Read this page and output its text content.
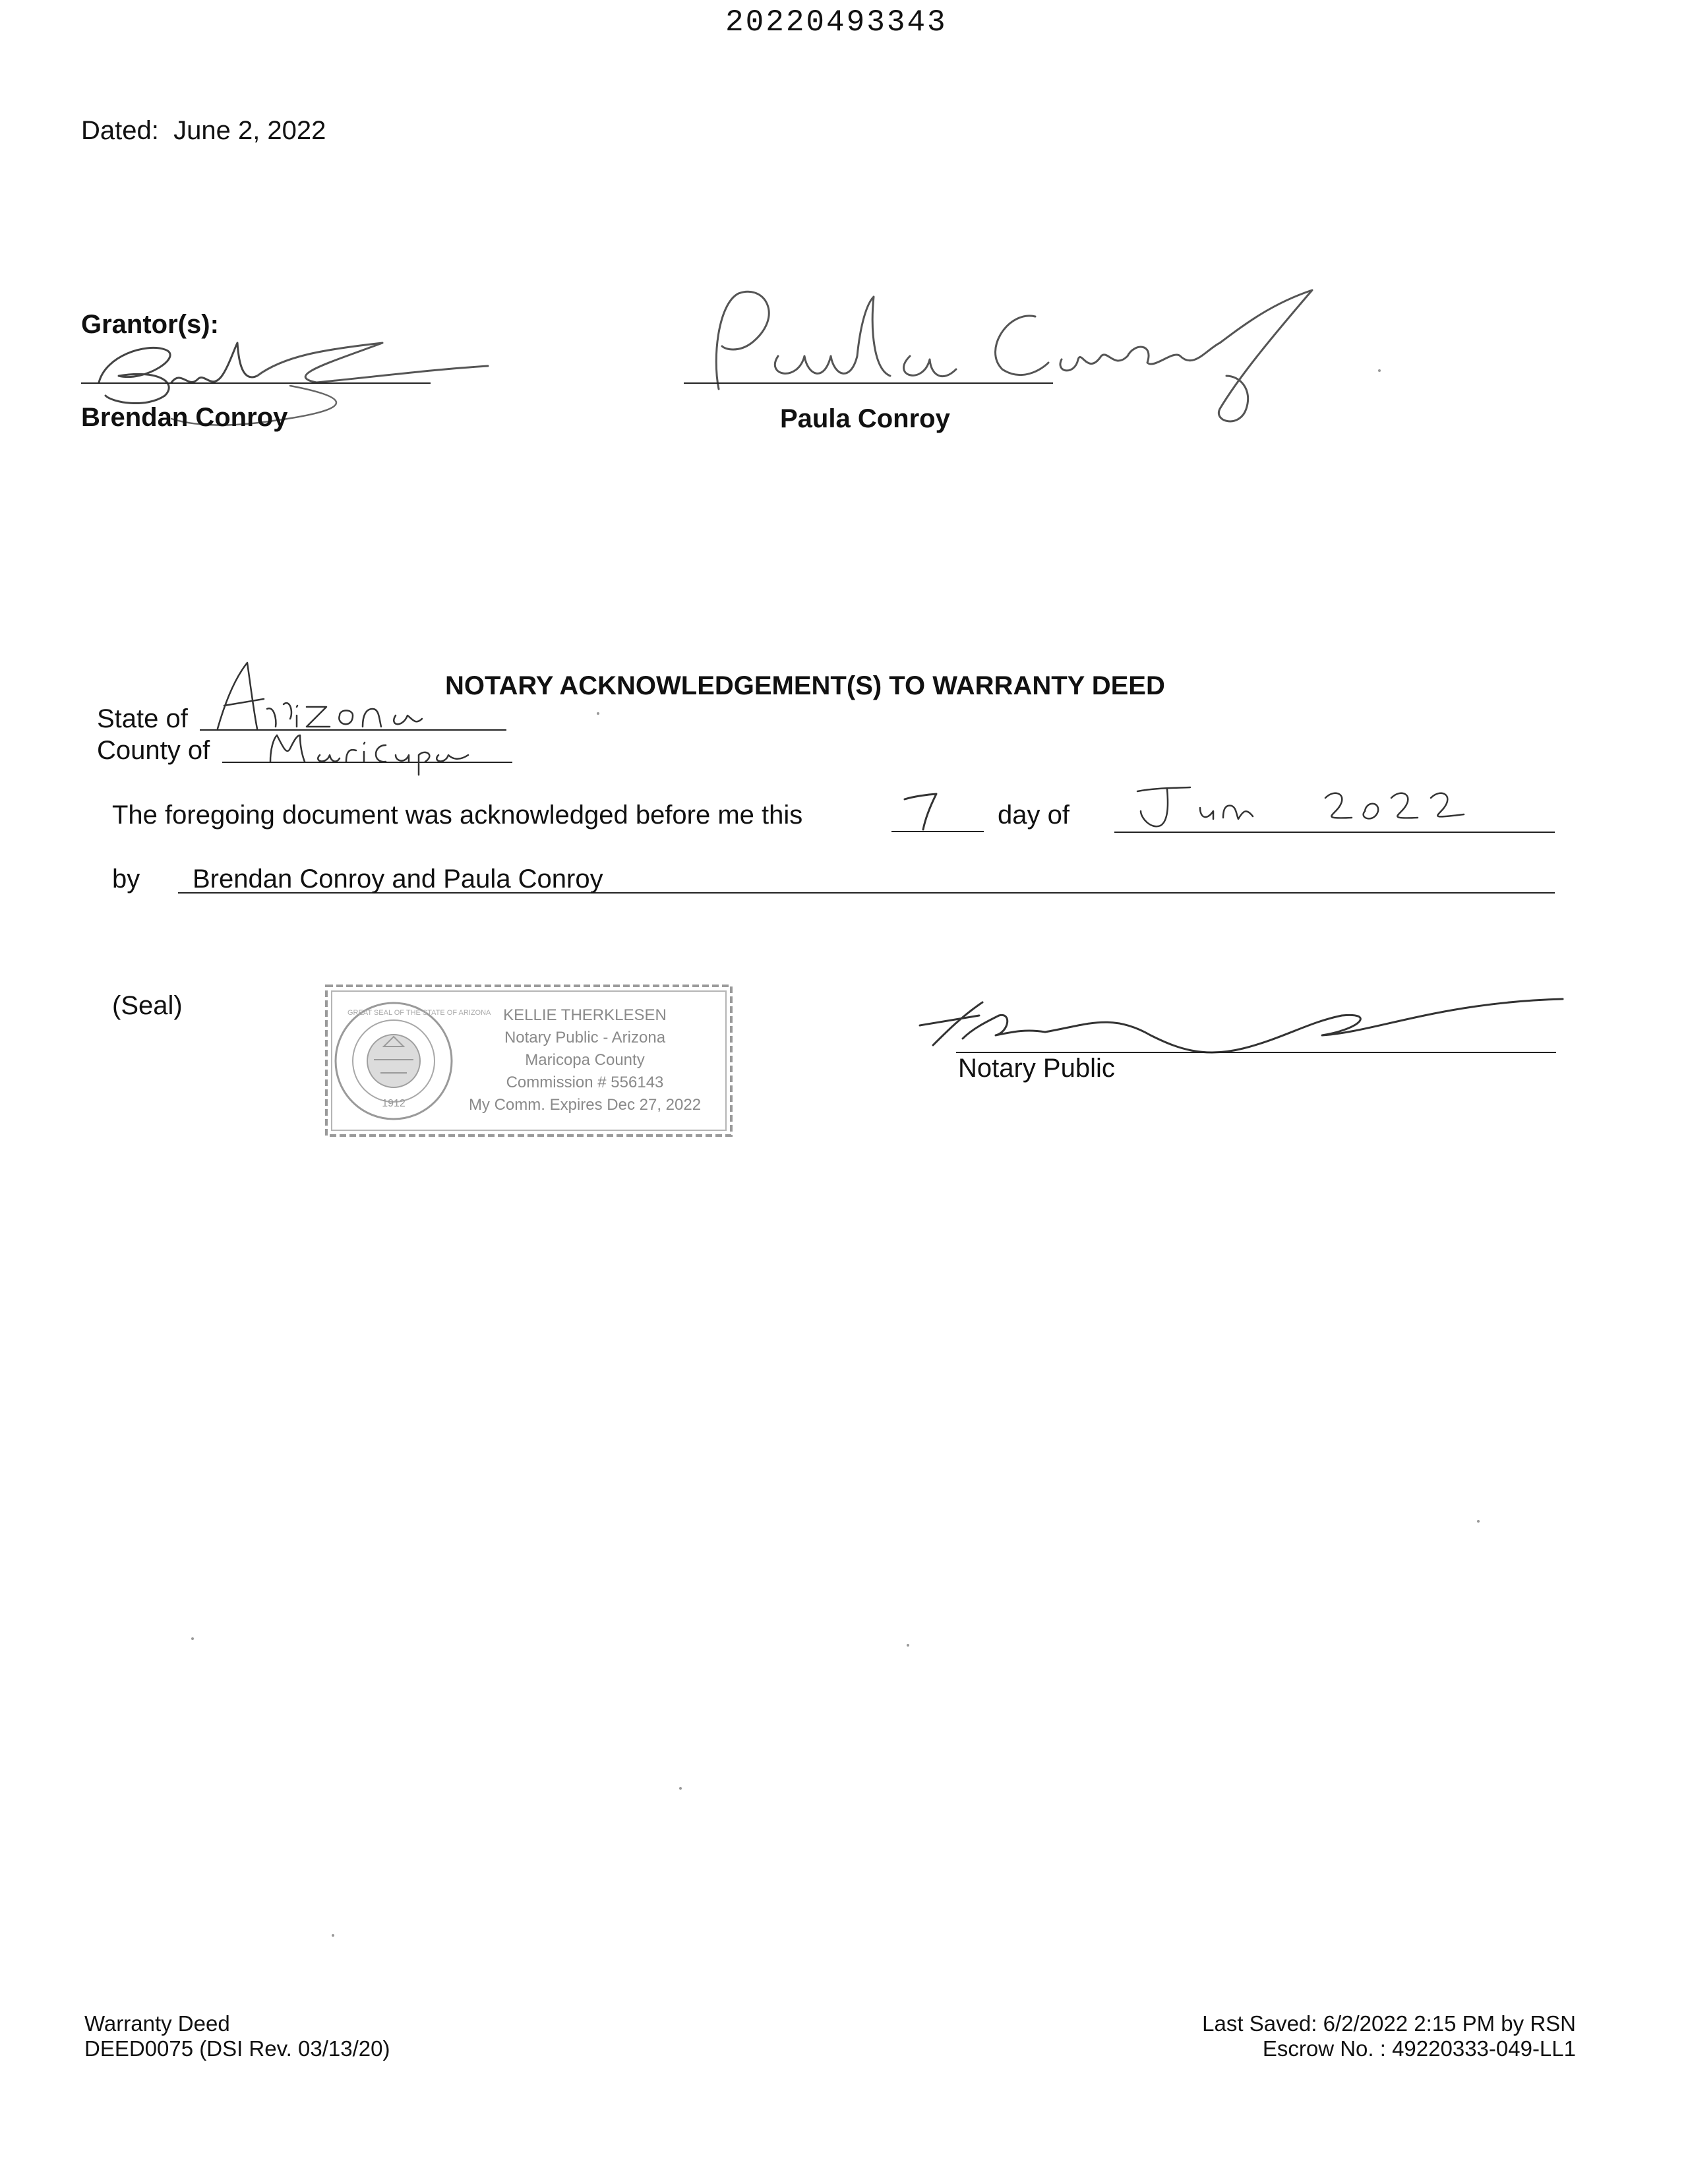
20220493343
Dated: June 2, 2022
Grantor(s):
Brendan Conroy	Paula Conroy
NOTARY ACKNOWLEDGEMENT(S) TO WARRANTY DEED
State of
County of
The foregoing document was acknowledged before me this	day of
by Brendan Conroy and Paula Conroy
(Seal)
1912
GREAT SEAL OF THE STATE OF ARIZONA KELLIE THERKLESEN
Notary Public - Arizona
Maricopa County
Commission # 556143
My Comm. Expires Dec 27, 2022
Notary Public
Warranty Deed
DEED0075 (DSI Rev. 03/13/20)
Last Saved: 6/2/2022 2:15 PM by RSN
Escrow No. : 49220333-049-LL1
